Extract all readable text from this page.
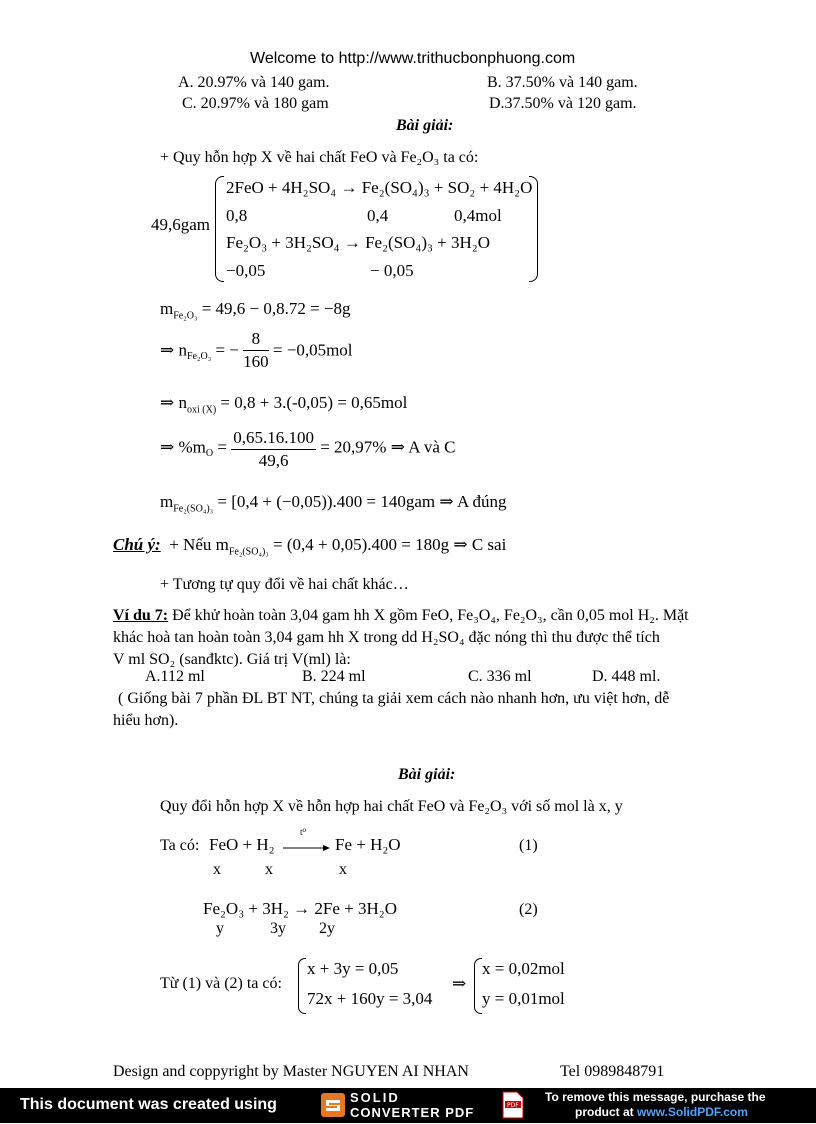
Welcome to http://www.trithucbonphuong.com
A. 20.97% và 140 gam.	B. 37.50% và 140 gam.
C. 20.97% và 180 gam	D.37.50% và 120 gam.
Bài giải:
+ Quy hỗn hợp X về hai chất FeO và Fe₂O₃ ta có:
49,6gam
2FeO + 4H₂SO₄ → Fe₂(SO₄)₃ + SO₂ + 4H₂O
0,8	0,4	0,4mol
Fe₂O₃ + 3H₂SO₄ → Fe₂(SO₄)₃ + 3H₂O
−0,05	− 0,05
$m_{Fe_2O_3} = 49,6 - 0,8.72 = -8g$
⇒ $n_{Fe_2O_3}$ = − $\frac{8}{160} = -0,05mol$
⇒ $n_{oxi (X)} = 0,8 + 3.(-0,05) = 0,65mol$
⇒ $\%m_O = \frac{0,65.16.100}{49,6} = 20,97\%$ ⇒ A và C
$m_{Fe_2(SO_4)_3} = [0,4 + (-0,05)).400 = 140gam$ ⇒ A đúng
Chú ý: + Nếu $m_{Fe_2(SO_4)_3} = (0,4 + 0,05).400 = 180g$ ⇒ C sai
+ Tương tự quy đổi về hai chất khác…
Ví du 7: Để khử hoàn toàn 3,04 gam hh X gồm FeO, Fe₃O₄, Fe₂O₃, cần 0,05 mol H₂. Mặt
khác hoà tan hoàn toàn 3,04 gam hh X trong dd H₂SO₄ đặc nóng thì thu được thể tích
V ml SO₂ (sanđktc). Giá trị V(ml) là:
A.112 ml	B. 224 ml	C. 336 ml	D. 448 ml.
( Giống bài 7 phần ĐL BT NT, chúng ta giải xem cách nào nhanh hơn, ưu việt hơn, dễ
hiểu hơn).
Bài giải:
Quy đổi hỗn hợp X về hỗn hợp hai chất FeO và Fe₂O₃ với số mol là x, y
Ta có: FeO + H₂
t⁰
Fe + H₂O	(1)
x	x	x
Fe₂O₃ + 3H₂ → 2Fe + 3H₂O	(2)
y	3y 2y
Từ (1) và (2) ta có:
x + 3y = 0,05
72x + 160y = 3,04
⇒
x = 0,02mol
y = 0,01mol
Design and coppyright by Master NGUYEN AI NHAN	Tel 0989848791
This document was created using	SOLID
CONVERTER PDF	PDF
To remove this message, purchase the
product at www.SolidPDF.com
